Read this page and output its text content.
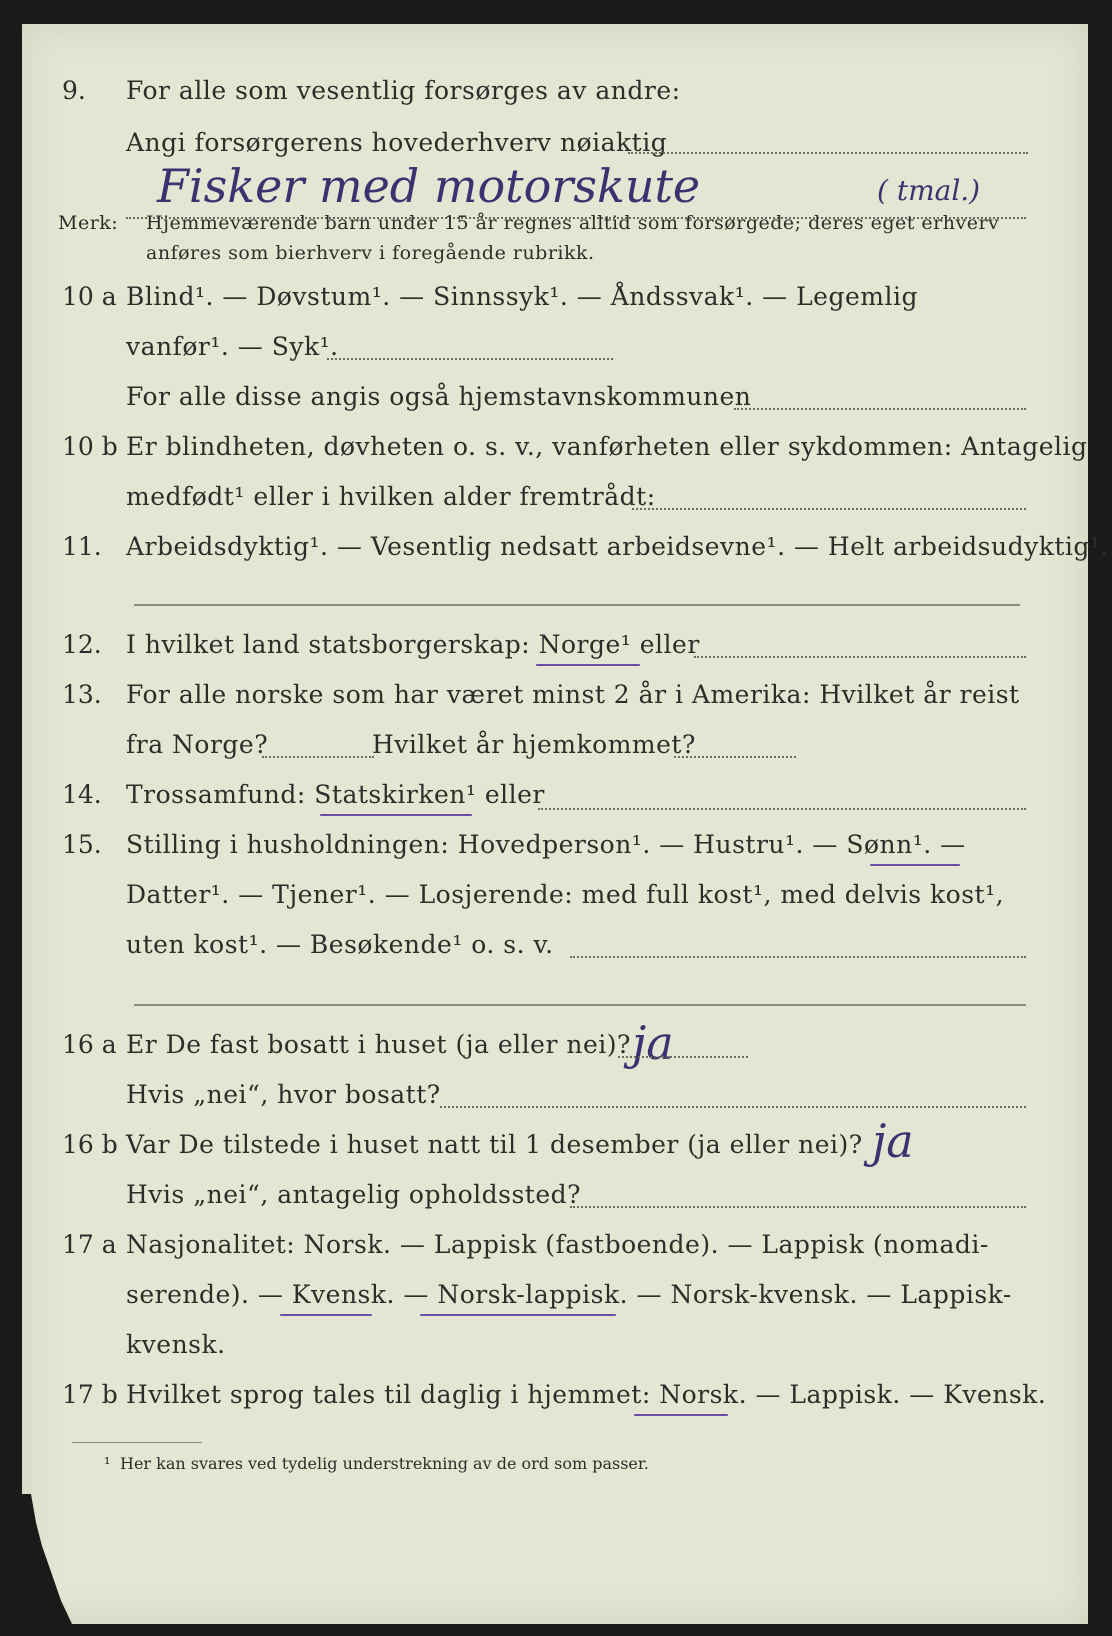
9. For alle som vesentlig forsørges av andre:
Angi forsørgerens hovederhverv nøiaktig
Fisker med motorskute	( tmal.)
Merk: Hjemmeværende barn under 15 år regnes alltid som forsørgede; deres eget erhverv
anføres som bierhverv i foregående rubrikk.
10 a Blind¹. — Døvstum¹. — Sinnssyk¹. — Åndssvak¹. — Legemlig
vanfør¹. — Syk¹.
For alle disse angis også hjemstavnskommunen
10 b Er blindheten, døvheten o. s. v., vanførheten eller sykdommen: Antagelig
medfødt¹ eller i hvilken alder fremtrådt:
11. Arbeidsdyktig¹. — Vesentlig nedsatt arbeidsevne¹. — Helt arbeidsudyktig¹.
12. I hvilket land statsborgerskap: Norge¹ eller
13. For alle norske som har været minst 2 år i Amerika: Hvilket år reist
fra Norge?	Hvilket år hjemkommet?
14. Trossamfund: Statskirken¹ eller
15. Stilling i husholdningen: Hovedperson¹. — Hustru¹. — Sønn¹. —
Datter¹. — Tjener¹. — Losjerende: med full kost¹, med delvis kost¹,
uten kost¹. — Besøkende¹ o. s. v.
16 a Er De fast bosatt i huset (ja eller nei)? ja
Hvis „nei“, hvor bosatt?
16 b Var De tilstede i huset natt til 1 desember (ja eller nei)? ja
Hvis „nei“, antagelig opholdssted?
17 a Nasjonalitet: Norsk. — Lappisk (fastboende). — Lappisk (nomadi-
serende). — Kvensk. — Norsk-lappisk. — Norsk-kvensk. — Lappisk-
kvensk.
17 b Hvilket sprog tales til daglig i hjemmet: Norsk. — Lappisk. — Kvensk.
¹ Her kan svares ved tydelig understrekning av de ord som passer.
